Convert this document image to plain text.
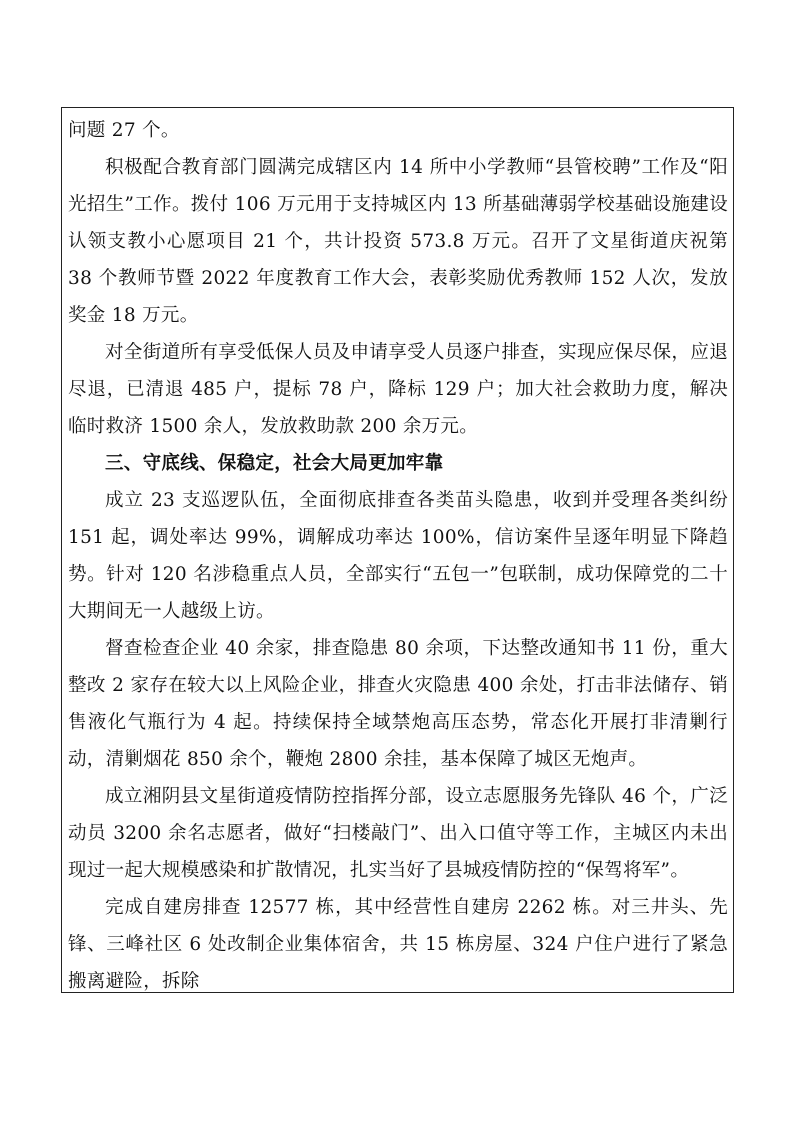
问题 27 个。

积极配合教育部门圆满完成辖区内 14 所中小学教师“县管校聘”工作及“阳光招生”工作。拨付 106 万元用于支持城区内 13 所基础薄弱学校基础设施建设认领支教小心愿项目 21 个，共计投资 573.8 万元。召开了文星街道庆祝第 38 个教师节暨 2022 年度教育工作大会，表彰奖励优秀教师 152 人次，发放奖金 18 万元。

对全街道所有享受低保人员及申请享受人员逐户排查，实现应保尽保，应退尽退，已清退 485 户，提标 78 户，降标 129 户；加大社会救助力度，解决临时救济 1500 余人，发放救助款 200 余万元。

三、守底线、保稳定，社会大局更加牢靠

成立 23 支巡逻队伍，全面彻底排查各类苗头隐患，收到并受理各类纠纷 151 起，调处率达 99%，调解成功率达 100%，信访案件呈逐年明显下降趋势。针对 120 名涉稳重点人员，全部实行“五包一”包联制，成功保障党的二十大期间无一人越级上访。

督查检查企业 40 余家，排查隐患 80 余项，下达整改通知书 11 份，重大整改 2 家存在较大以上风险企业，排查火灾隐患 400 余处，打击非法储存、销售液化气瓶行为 4 起。持续保持全域禁炮高压态势，常态化开展打非清剿行动，清剿烟花 850 余个，鞭炮 2800 余挂，基本保障了城区无炮声。

成立湘阴县文星街道疫情防控指挥分部，设立志愿服务先锋队 46 个，广泛动员 3200 余名志愿者，做好“扫楼敲门”、出入口值守等工作，主城区内未出现过一起大规模感染和扩散情况，扎实当好了县城疫情防控的“保驾将军”。

完成自建房排查 12577 栋，其中经营性自建房 2262 栋。对三井头、先锋、三峰社区 6 处改制企业集体宿舍，共 15 栋房屋、324 户住户进行了紧急搬离避险，拆除
